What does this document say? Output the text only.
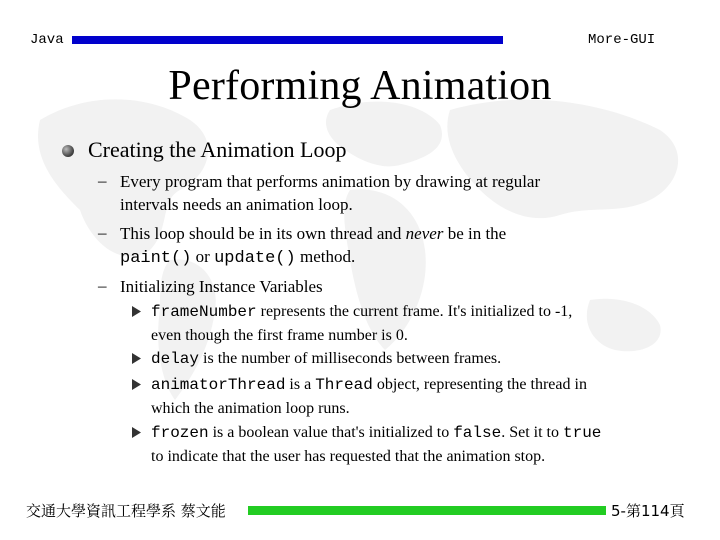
Java	More-GUI
Performing Animation
Creating the Animation Loop
– Every program that performs animation by drawing at regular
intervals needs an animation loop.
– This loop should be in its own thread and never be in the
paint() or update() method.
– Initializing Instance Variables
frameNumber represents the current frame. It's initialized to -1,
even though the first frame number is 0.
delay is the number of milliseconds between frames.
animatorThread is a Thread object, representing the thread in
which the animation loop runs.
frozen is a boolean value that's initialized to false. Set it to true
to indicate that the user has requested that the animation stop.
交通大學資訊工程學系 蔡文能	5-第114頁
